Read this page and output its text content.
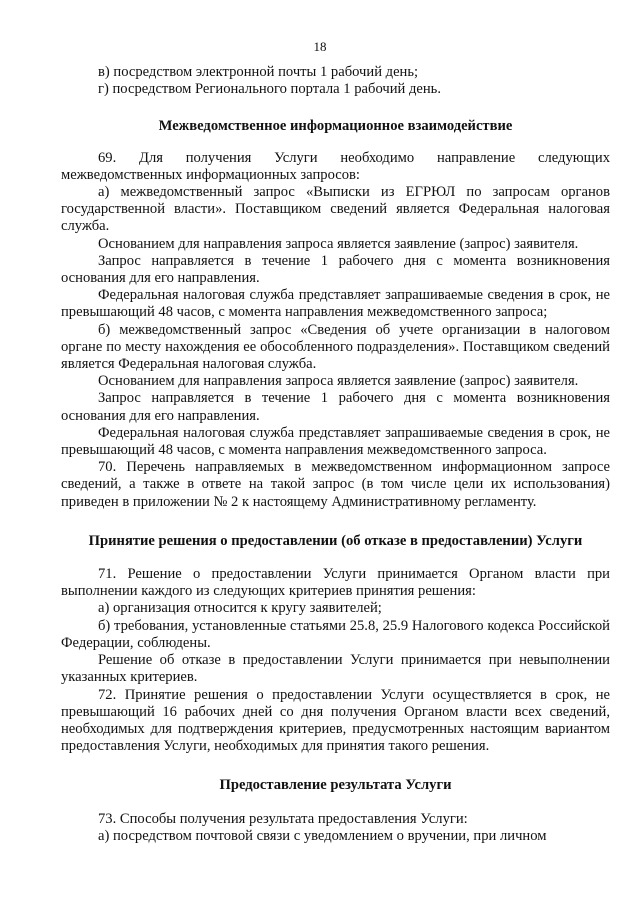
18
в) посредством электронной почты 1 рабочий день;
г) посредством Регионального портала 1 рабочий день.
Межведомственное информационное взаимодействие
69. Для получения Услуги необходимо направление следующих межведомственных информационных запросов:
а) межведомственный запрос «Выписки из ЕГРЮЛ по запросам органов государственной власти». Поставщиком сведений является Федеральная налоговая служба.
Основанием для направления запроса является заявление (запрос) заявителя.
Запрос направляется в течение 1 рабочего дня с момента возникновения основания для его направления.
Федеральная налоговая служба представляет запрашиваемые сведения в срок, не превышающий 48 часов, с момента направления межведомственного запроса;
б) межведомственный запрос «Сведения об учете организации в налоговом органе по месту нахождения ее обособленного подразделения». Поставщиком сведений является Федеральная налоговая служба.
Основанием для направления запроса является заявление (запрос) заявителя.
Запрос направляется в течение 1 рабочего дня с момента возникновения основания для его направления.
Федеральная налоговая служба представляет запрашиваемые сведения в срок, не превышающий 48 часов, с момента направления межведомственного запроса.
70. Перечень направляемых в межведомственном информационном запросе сведений, а также в ответе на такой запрос (в том числе цели их использования) приведен в приложении № 2 к настоящему Административному регламенту.
Принятие решения о предоставлении (об отказе в предоставлении) Услуги
71. Решение о предоставлении Услуги принимается Органом власти при выполнении каждого из следующих критериев принятия решения:
а) организация относится к кругу заявителей;
б) требования, установленные статьями 25.8, 25.9 Налогового кодекса Российской Федерации, соблюдены.
Решение об отказе в предоставлении Услуги принимается при невыполнении указанных критериев.
72. Принятие решения о предоставлении Услуги осуществляется в срок, не превышающий 16 рабочих дней со дня получения Органом власти всех сведений, необходимых для подтверждения критериев, предусмотренных настоящим вариантом предоставления Услуги, необходимых для принятия такого решения.
Предоставление результата Услуги
73. Способы получения результата предоставления Услуги:
а) посредством почтовой связи с уведомлением о вручении, при личном
